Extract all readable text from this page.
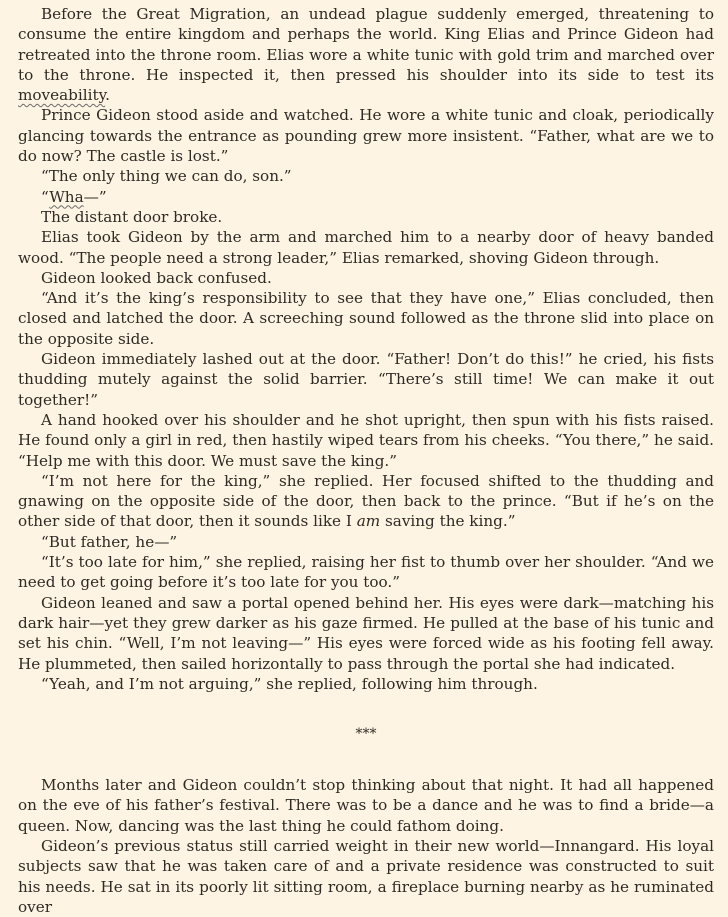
Before the Great Migration, an undead plague suddenly emerged, threatening to consume the entire kingdom and perhaps the world. King Elias and Prince Gideon had retreated into the throne room. Elias wore a white tunic with gold trim and marched over to the throne. He inspected it, then pressed his shoulder into its side to test its moveability.

Prince Gideon stood aside and watched. He wore a white tunic and cloak, periodically glancing towards the entrance as pounding grew more insistent. “Father, what are we to do now? The castle is lost.”

“The only thing we can do, son.”

“Wha—”

The distant door broke.

Elias took Gideon by the arm and marched him to a nearby door of heavy banded wood. “The people need a strong leader,” Elias remarked, shoving Gideon through.

Gideon looked back confused.

“And it’s the king’s responsibility to see that they have one,” Elias concluded, then closed and latched the door. A screeching sound followed as the throne slid into place on the opposite side.

Gideon immediately lashed out at the door. “Father! Don’t do this!” he cried, his fists thudding mutely against the solid barrier. “There’s still time! We can make it out together!”

A hand hooked over his shoulder and he shot upright, then spun with his fists raised. He found only a girl in red, then hastily wiped tears from his cheeks. “You there,” he said. “Help me with this door. We must save the king.”

“I’m not here for the king,” she replied. Her focused shifted to the thudding and gnawing on the opposite side of the door, then back to the prince. “But if he’s on the other side of that door, then it sounds like I am saving the king.”

“But father, he—”

“It’s too late for him,” she replied, raising her fist to thumb over her shoulder. “And we need to get going before it’s too late for you too.”

Gideon leaned and saw a portal opened behind her. His eyes were dark—matching his dark hair—yet they grew darker as his gaze firmed. He pulled at the base of his tunic and set his chin. “Well, I’m not leaving—” His eyes were forced wide as his footing fell away. He plummeted, then sailed horizontally to pass through the portal she had indicated.

“Yeah, and I’m not arguing,” she replied, following him through.

***

Months later and Gideon couldn’t stop thinking about that night. It had all happened on the eve of his father’s festival. There was to be a dance and he was to find a bride—a queen. Now, dancing was the last thing he could fathom doing.

Gideon’s previous status still carried weight in their new world—Innangard. His loyal subjects saw that he was taken care of and a private residence was constructed to suit his needs. He sat in its poorly lit sitting room, a fireplace burning nearby as he ruminated over
